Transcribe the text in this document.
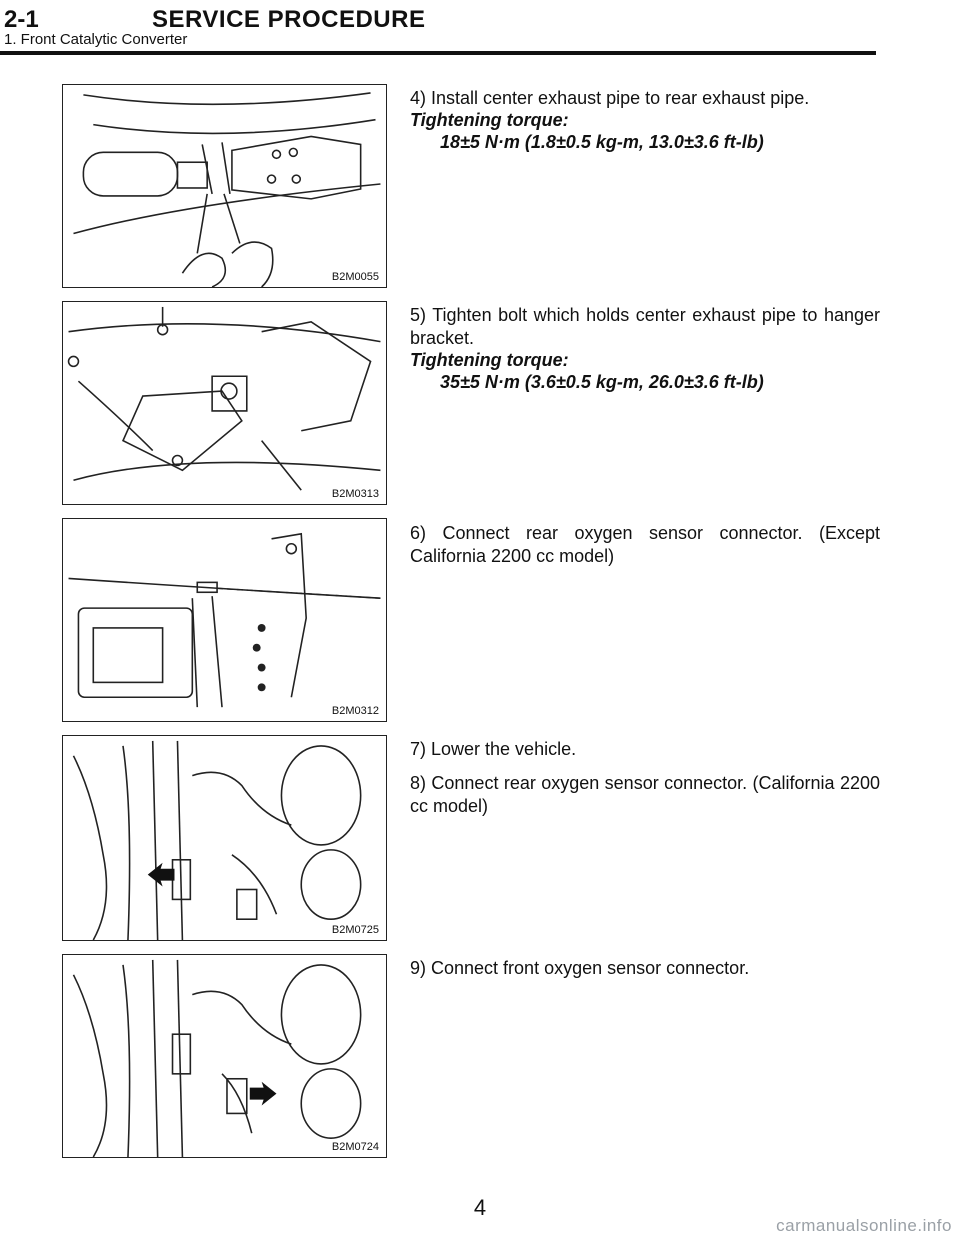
2-1	SERVICE PROCEDURE
1. Front Catalytic Converter
B2M0055
4) Install center exhaust pipe to rear exhaust pipe.
Tightening torque:
18±5 N·m (1.8±0.5 kg-m, 13.0±3.6 ft-lb)
B2M0313
5) Tighten bolt which holds center exhaust pipe to hanger bracket.
Tightening torque:
35±5 N·m (3.6±0.5 kg-m, 26.0±3.6 ft-lb)
B2M0312
6) Connect rear oxygen sensor connector. (Except California 2200 cc model)
B2M0725
7) Lower the vehicle.
8) Connect rear oxygen sensor connector. (California 2200 cc model)
B2M0724
9) Connect front oxygen sensor connector.
4
carmanualsonline.info
